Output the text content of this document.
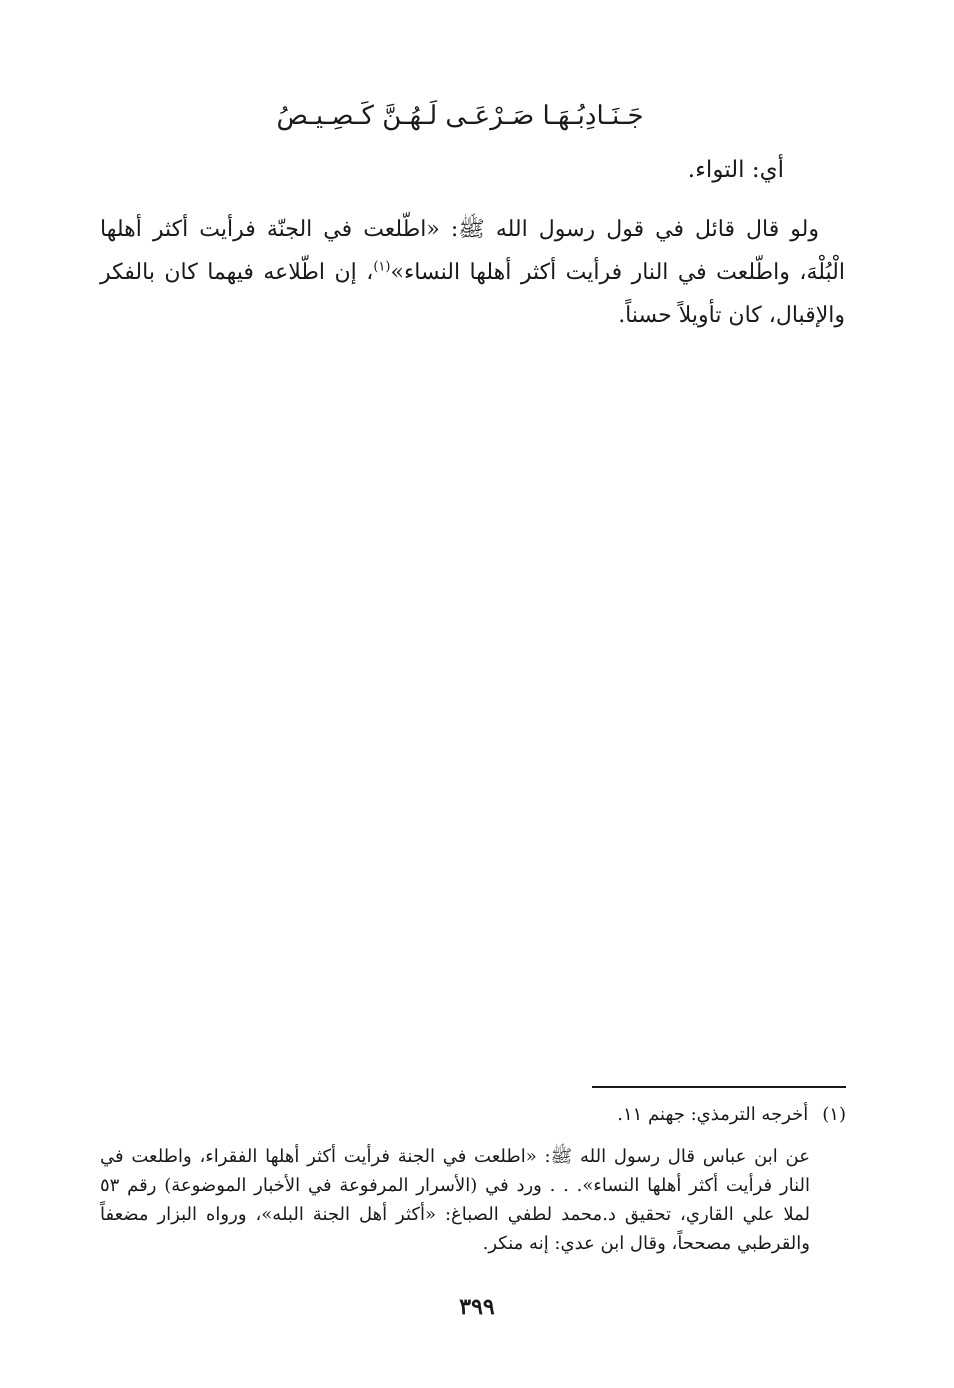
جَـنَـادِبُـهَـا صَـرْعَـى لَـهُـنَّ كَـصِـيـصُ
أي: التواء.
ولو قال قائل في قول رسول الله ﷺ: «اطّلعت في الجنّة فرأيت أكثر أهلها الْبُلْهَ، واطّلعت في النار فرأيت أكثر أهلها النساء»$^{(١)}$، إن اطّلاعه فيهما كان بالفكر والإقبال، كان تأويلاً حسناً.
(١)أخرجه الترمذي: جهنم ١١.
عن ابن عباس قال رسول الله ﷺ: «اطلعت في الجنة فرأيت أكثر أهلها الفقراء، واطلعت في النار فرأيت أكثر أهلها النساء». . . ورد في (الأسرار المرفوعة في الأخبار الموضوعة) رقم ٥٣ لملا علي القاري، تحقيق د.محمد لطفي الصباغ: «أكثر أهل الجنة البله»، ورواه البزار مضعفاً والقرطبي مصححاً، وقال ابن عدي: إنه منكر.
٣٩٩
